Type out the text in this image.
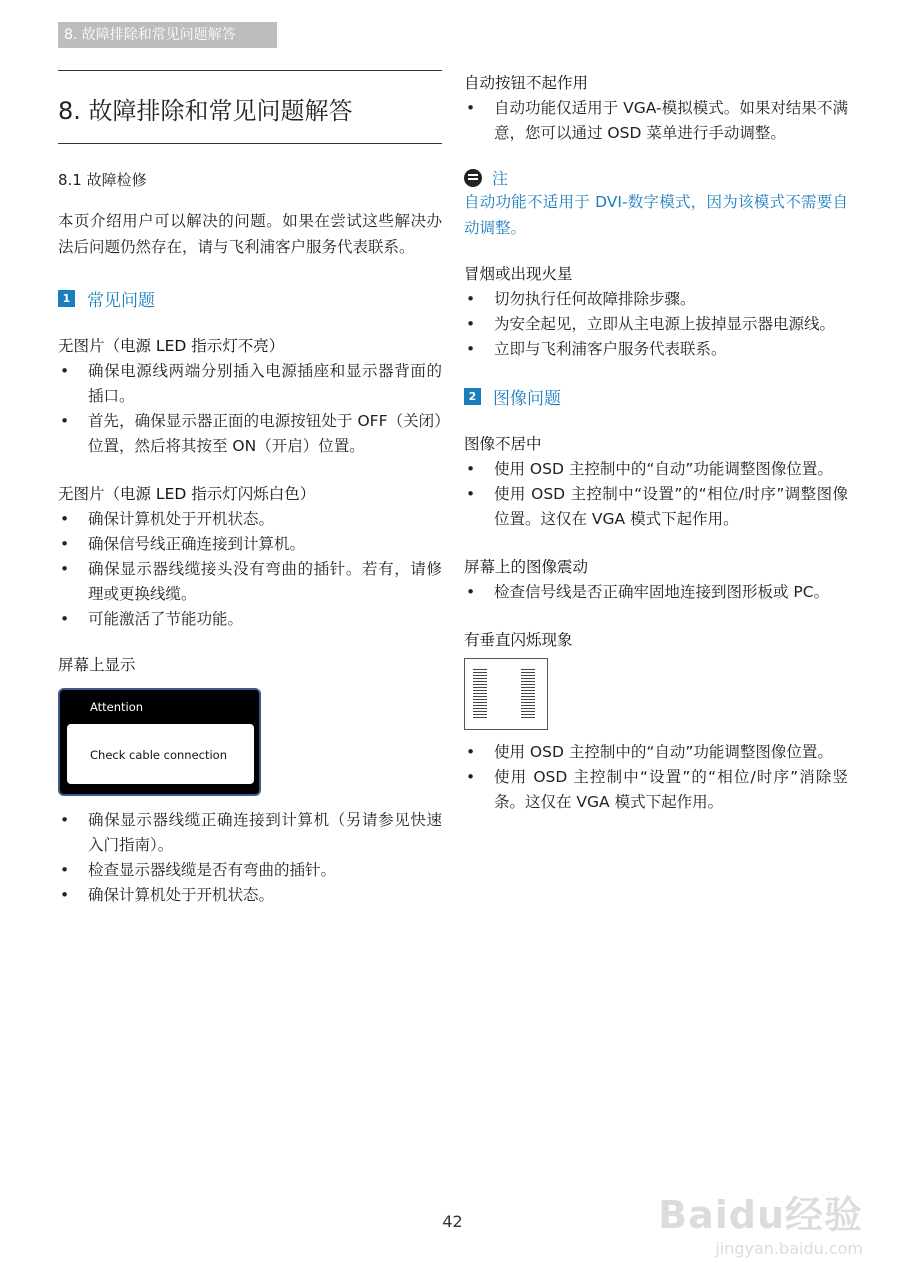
8. 故障排除和常见问题解答
8. 故障排除和常见问题解答
8.1 故障检修

本页介绍用户可以解决的问题。如果在尝试这些解决办法后问题仍然存在，请与飞利浦客户服务代表联系。

1 常见问题

无图片（电源 LED 指示灯不亮）

• 确保电源线两端分别插入电源插座和显示器背面的插口。
• 首先，确保显示器正面的电源按钮处于 OFF（关闭）位置，然后将其按至 ON（开启）位置。

无图片（电源 LED 指示灯闪烁白色）

• 确保计算机处于开机状态。
• 确保信号线正确连接到计算机。
• 确保显示器线缆接头没有弯曲的插针。若有，请修理或更换线缆。
• 可能激活了节能功能。

屏幕上显示

Attention
Check cable connection
• 确保显示器线缆正确连接到计算机（另请参见快速入门指南）。
• 检查显示器线缆是否有弯曲的插针。
• 确保计算机处于开机状态。

自动按钮不起作用

• 自动功能仅适用于 VGA-模拟模式。如果对结果不满意，您可以通过 OSD 菜单进行手动调整。
注

自动功能不适用于 DVI-数字模式，因为该模式不需要自动调整。

冒烟或出现火星

• 切勿执行任何故障排除步骤。
• 为安全起见，立即从主电源上拔掉显示器电源线。
• 立即与飞利浦客户服务代表联系。
2 图像问题

图像不居中

• 使用 OSD 主控制中的“自动”功能调整图像位置。
• 使用 OSD 主控制中“设置”的“相位/时序”调整图像位置。这仅在 VGA 模式下起作用。

屏幕上的图像震动

• 检查信号线是否正确牢固地连接到图形板或 PC。

有垂直闪烁现象

• 使用 OSD 主控制中的“自动”功能调整图像位置。
• 使用 OSD 主控制中“设置”的“相位/时序”消除竖条。这仅在 VGA 模式下起作用。
42	Baidu经验
jingyan.baidu.com
